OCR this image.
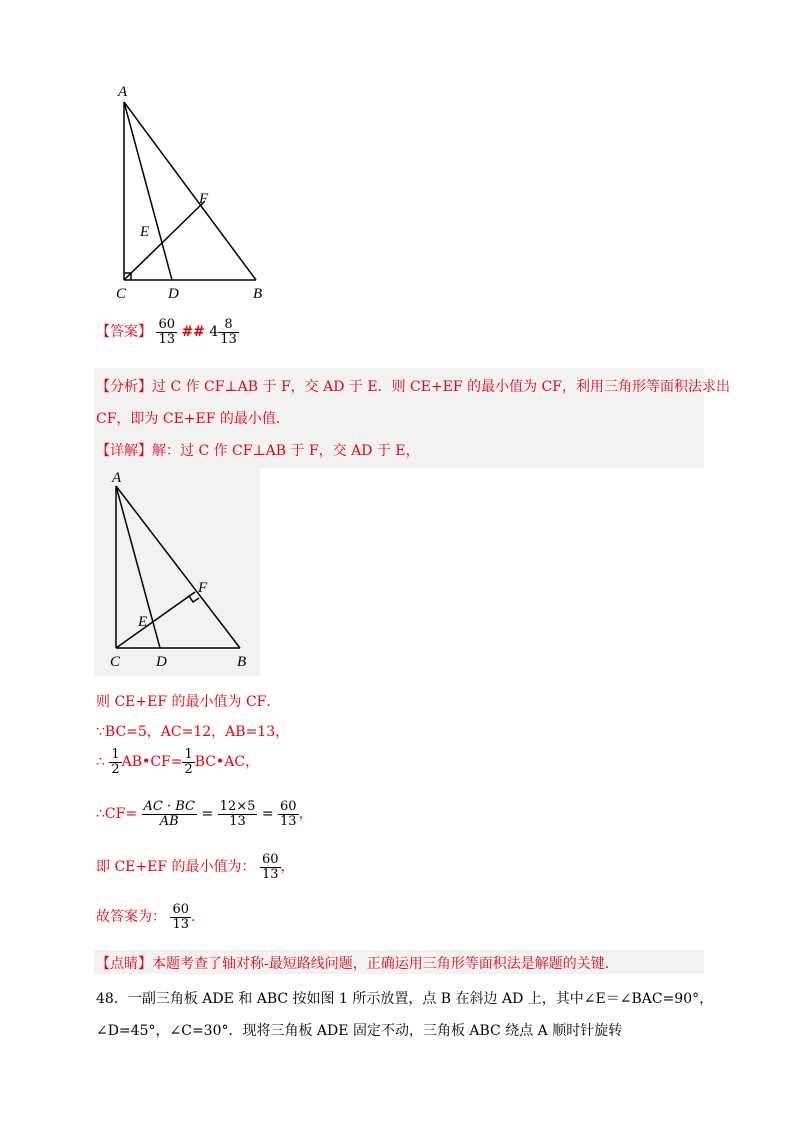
A
F
E
C	D	B
【答案】 $\frac{60}{13}$ ## $4 \frac{8}{13}$
【分析】过 C 作 CF⊥AB 于 F，交 AD 于 E．则 CE+EF 的最小值为 CF，利用三角形等面积法求出
CF，即为 CE+EF 的最小值．
【详解】解：过 C 作 CF⊥AB 于 F，交 AD 于 E，
A
F
E
C D	B
则 CE+EF 的最小值为 CF．
∵BC=5，AC=12，AB=13，
∴ $\frac{1}{2}$ AB•CF= $\frac{1}{2}$ BC•AC，
∴CF= $\frac{AC \cdot BC}{AB} = \frac{12\times 5}{13} = \frac{60}{13}$ ，
即 CE+EF 的最小值为： $\frac{60}{13}$ ，
故答案为： $\frac{60}{13}$ ．
【点睛】本题考查了轴对称-最短路线问题，正确运用三角形等面积法是解题的关键．
48．一副三角板 ADE 和 ABC 按如图 1 所示放置，点 B 在斜边 AD 上，其中∠E＝∠BAC=90°，
∠D=45°，∠C=30°．现将三角板 ADE 固定不动，三角板 ABC 绕点 A 顺时针旋转
